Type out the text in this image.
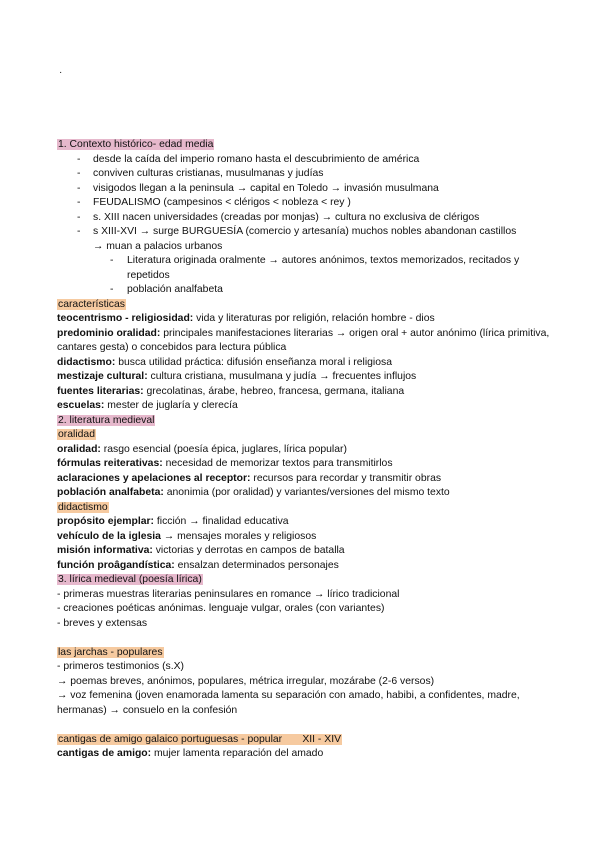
·
1. Contexto histórico- edad media
- desde la caída del imperio romano hasta el descubrimiento de américa
- conviven culturas cristianas, musulmanas y judías
- visigodos llegan a la peninsula → capital en Toledo → invasión musulmana
- FEUDALISMO (campesinos < clérigos < nobleza < rey )
- s. XIII nacen universidades (creadas por monjas) → cultura no exclusiva de clérigos
- s XIII-XVI → surge BURGUESÍA (comercio y artesanía) muchos nobles abandonan castillos
→ muan a palacios urbanos
- Literatura originada oralmente → autores anónimos, textos memorizados, recitados y repetidos
- población analfabeta
características
teocentrismo - religiosidad: vida y literaturas por religión, relación hombre - dios
predominio oralidad: principales manifestaciones literarias → origen oral + autor anónimo (lírica primitiva, cantares gesta) o concebidos para lectura pública
didactismo: busca utilidad práctica: difusión enseñanza moral i religiosa
mestizaje cultural: cultura cristiana, musulmana y judía → frecuentes influjos
fuentes literarias: grecolatinas, árabe, hebreo, francesa, germana, italiana
escuelas: mester de juglaría y clerecía
2. literatura medieval
oralidad
oralidad: rasgo esencial (poesía épica, juglares, lírica popular)
fórmulas reiterativas: necesidad de memorizar textos para transmitirlos
aclaraciones y apelaciones al receptor: recursos para recordar y transmitir obras
población analfabeta: anonimia (por oralidad) y variantes/versiones del mismo texto
didactismo
propósito ejemplar: ficción → finalidad educativa
vehículo de la iglesia → mensajes morales y religiosos
misión informativa: victorias y derrotas en campos de batalla
función proâgandística: ensalzan determinados personajes
3. lírica medieval (poesía lírica)
- primeras muestras literarias peninsulares en romance → lírico tradicional
- creaciones poéticas anónimas. lenguaje vulgar, orales (con variantes)
- breves y extensas
las jarchas - populares
- primeros testimonios (s.X)
→ poemas breves, anónimos, populares, métrica irregular, mozárabe (2-6 versos)
→ voz femenina (joven enamorada lamenta su separación con amado, habibi, a confidentes, madre, hermanas) → consuelo en la confesión
cantigas de amigo galaico portuguesas - popular       XII - XIV
cantigas de amigo: mujer lamenta reparación del amado
